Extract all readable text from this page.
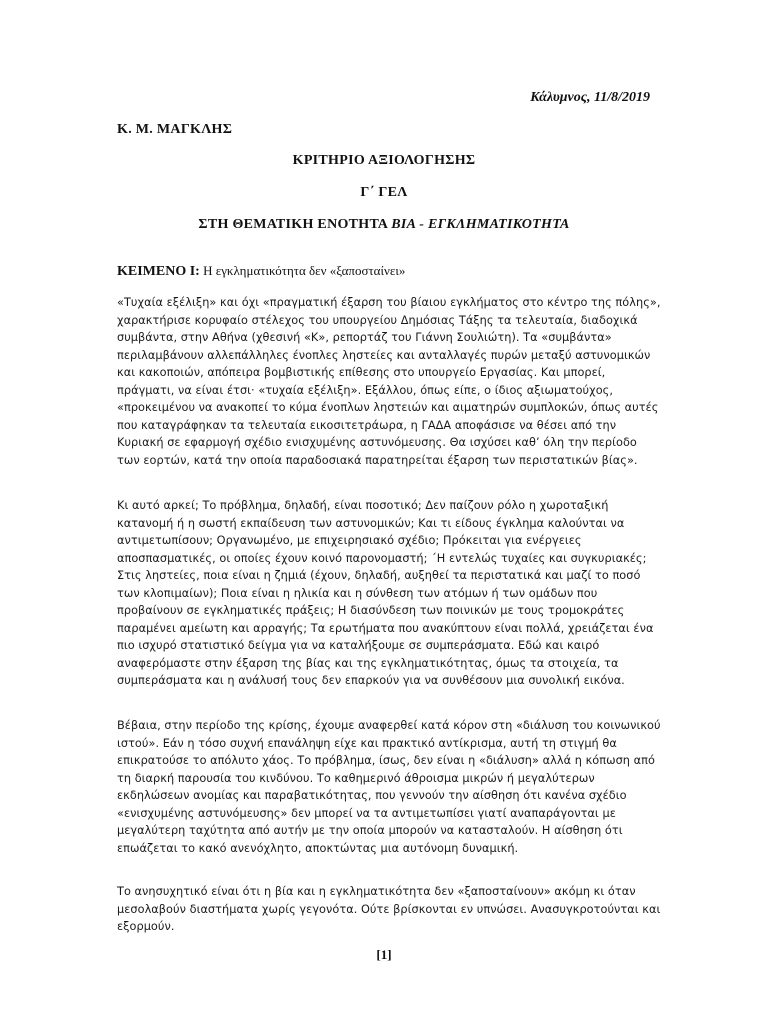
Κάλυμνος, 11/8/2019
Κ. Μ. ΜΑΓΚΛΗΣ
ΚΡΙΤΗΡΙΟ ΑΞΙΟΛΟΓΗΣΗΣ
Γ΄ ΓΕΛ
ΣΤΗ ΘΕΜΑΤΙΚΗ ΕΝΟΤΗΤΑ ΒΙΑ - ΕΓΚΛΗΜΑΤΙΚΟΤΗΤΑ
ΚΕΙΜΕΝΟ Ι: Η εγκληματικότητα δεν «ξαποσταίνει»
«Τυχαία εξέλιξη» και όχι «πραγματική έξαρση του βίαιου εγκλήματος στο κέντρο της πόλης», χαρακτήρισε κορυφαίο στέλεχος του υπουργείου Δημόσιας Τάξης τα τελευταία, διαδοχικά συμβάντα, στην Αθήνα (χθεσινή «Κ», ρεπορτάζ του Γιάννη Σουλιώτη). Τα «συμβάντα» περιλαμβάνουν αλλεπάλληλες ένοπλες ληστείες και ανταλλαγές πυρών μεταξύ αστυνομικών και κακοποιών, απόπειρα βομβιστικής επίθεσης στο υπουργείο Εργασίας. Και μπορεί, πράγματι, να είναι έτσι· «τυχαία εξέλιξη». Εξάλλου, όπως είπε, ο ίδιος αξιωματούχος, «προκειμένου να ανακοπεί το κύμα ένοπλων ληστειών και αιματηρών συμπλοκών, όπως αυτές που καταγράφηκαν τα τελευταία εικοσιτετράωρα, η ΓΑΔΑ αποφάσισε να θέσει από την Κυριακή σε εφαρμογή σχέδιο ενισχυμένης αστυνόμευσης. Θα ισχύσει καθ’ όλη την περίοδο των εορτών, κατά την οποία παραδοσιακά παρατηρείται έξαρση των περιστατικών βίας».
Κι αυτό αρκεί; Το πρόβλημα, δηλαδή, είναι ποσοτικό; Δεν παίζουν ρόλο η χωροταξική κατανομή ή η σωστή εκπαίδευση των αστυνομικών; Και τι είδους έγκλημα καλούνται να αντιμετωπίσουν; Οργανωμένο, με επιχειρησιακό σχέδιο; Πρόκειται για ενέργειες αποσπασματικές, οι οποίες έχουν κοινό παρονομαστή; ΄Η εντελώς τυχαίες και συγκυριακές; Στις ληστείες, ποια είναι η ζημιά (έχουν, δηλαδή, αυξηθεί τα περιστατικά και μαζί το ποσό των κλοπιμαίων); Ποια είναι η ηλικία και η σύνθεση των ατόμων ή των ομάδων που προβαίνουν σε εγκληματικές πράξεις; Η διασύνδεση των ποινικών με τους τρομοκράτες παραμένει αμείωτη και αρραγής; Τα ερωτήματα που ανακύπτουν είναι πολλά, χρειάζεται ένα πιο ισχυρό στατιστικό δείγμα για να καταλήξουμε σε συμπεράσματα. Εδώ και καιρό αναφερόμαστε στην έξαρση της βίας και της εγκληματικότητας, όμως τα στοιχεία, τα συμπεράσματα και η ανάλυσή τους δεν επαρκούν για να συνθέσουν μια συνολική εικόνα.
Βέβαια, στην περίοδο της κρίσης, έχουμε αναφερθεί κατά κόρον στη «διάλυση του κοινωνικού ιστού». Εάν η τόσο συχνή επανάληψη είχε και πρακτικό αντίκρισμα, αυτή τη στιγμή θα επικρατούσε το απόλυτο χάος. Το πρόβλημα, ίσως, δεν είναι η «διάλυση» αλλά η κόπωση από τη διαρκή παρουσία του κινδύνου. Το καθημερινό άθροισμα μικρών ή μεγαλύτερων εκδηλώσεων ανομίας και παραβατικότητας, που γεννούν την αίσθηση ότι κανένα σχέδιο «ενισχυμένης αστυνόμευσης» δεν μπορεί να τα αντιμετωπίσει γιατί αναπαράγονται με μεγαλύτερη ταχύτητα από αυτήν με την οποία μπορούν να κατασταλούν. Η αίσθηση ότι επωάζεται το κακό ανενόχλητο, αποκτώντας μια αυτόνομη δυναμική.
Το ανησυχητικό είναι ότι η βία και η εγκληματικότητα δεν «ξαποσταίνουν» ακόμη κι όταν μεσολαβούν διαστήματα χωρίς γεγονότα. Ούτε βρίσκονται εν υπνώσει. Ανασυγκροτούνται και εξορμούν.
[1]
